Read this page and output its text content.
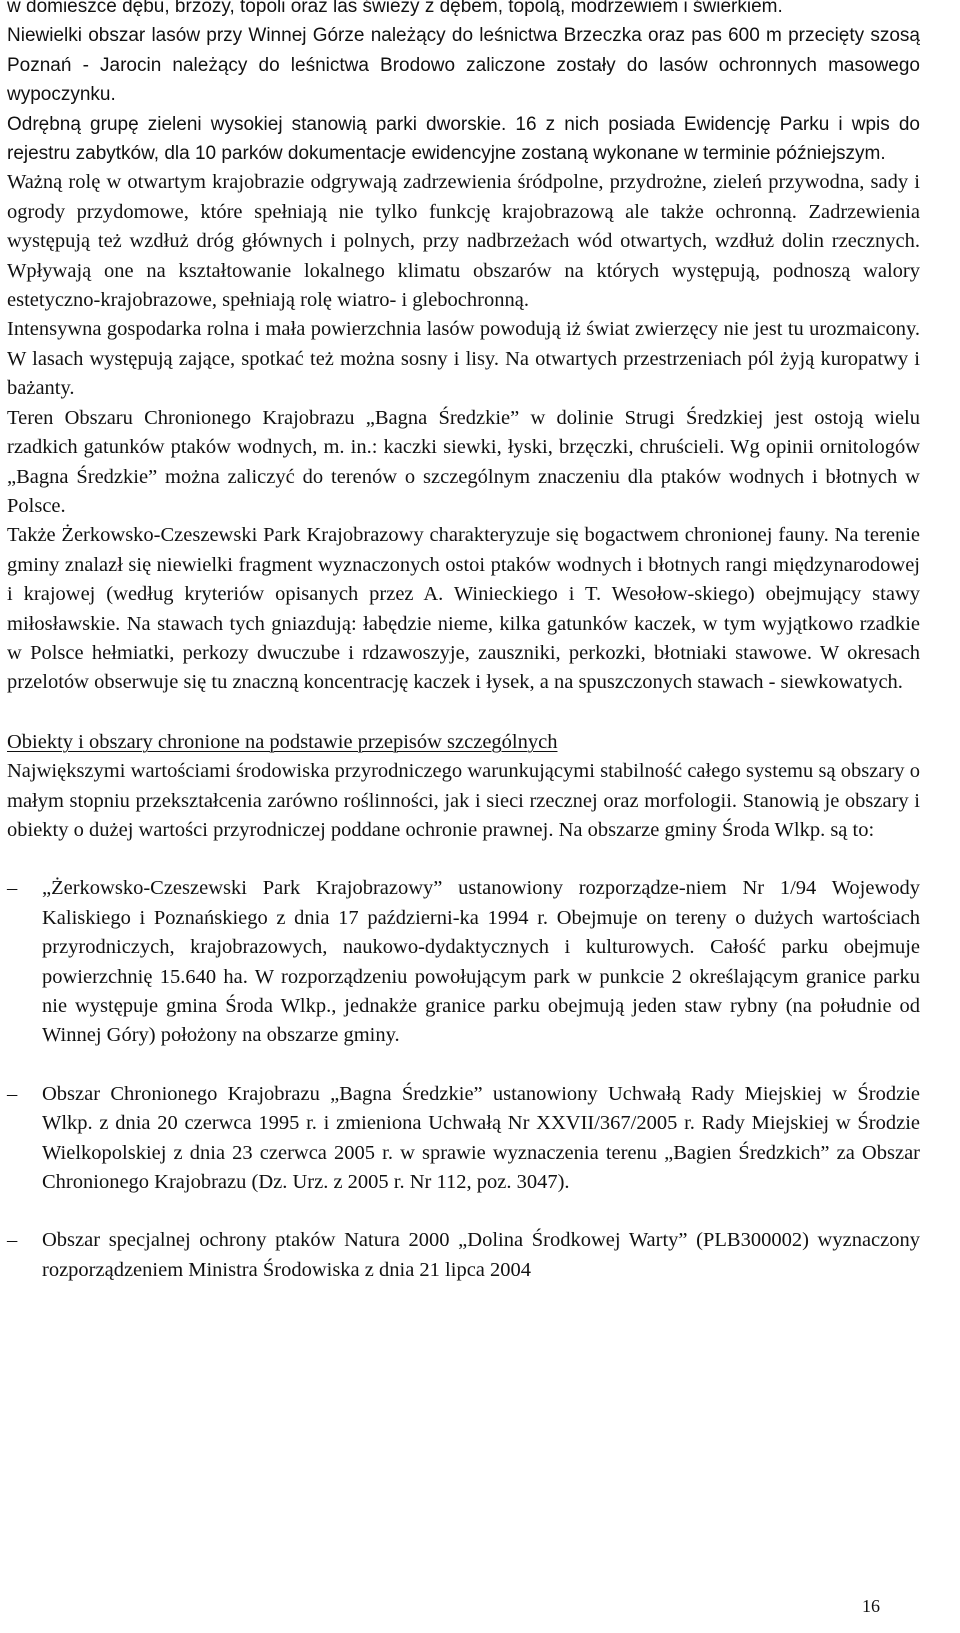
w domieszce dębu, brzozy, topoli oraz las świeży z dębem, topolą, modrzewiem i świerkiem.

Niewielki obszar lasów przy Winnej Górze należący do leśnictwa Brzeczka oraz pas 600 m przecięty szosą Poznań - Jarocin należący do leśnictwa Brodowo zaliczone zostały do lasów ochronnych masowego wypoczynku.

Odrębną grupę zieleni wysokiej stanowią parki dworskie. 16 z nich posiada Ewidencję Parku i wpis do rejestru zabytków, dla 10 parków dokumentacje ewidencyjne zostaną wykonane w terminie późniejszym.

Ważną rolę w otwartym krajobrazie odgrywają zadrzewienia śródpolne, przydrożne, zieleń przywodna, sady i ogrody przydomowe, które spełniają nie tylko funkcję krajobrazową ale także ochronną. Zadrzewienia występują też wzdłuż dróg głównych i polnych, przy nadbrzeżach wód otwartych, wzdłuż dolin rzecznych. Wpływają one na kształtowanie lokalnego klimatu obszarów na których występują, podnoszą walory estetyczno-krajobrazowe, spełniają rolę wiatro- i glebochronną.

Intensywna gospodarka rolna i mała powierzchnia lasów powodują iż świat zwierzęcy nie jest tu urozmaicony. W lasach występują zające, spotkać też można sosny i lisy. Na otwartych przestrzeniach pól żyją kuropatwy i bażanty.

Teren Obszaru Chronionego Krajobrazu „Bagna Średzkie” w dolinie Strugi Średzkiej jest ostoją wielu rzadkich gatunków ptaków wodnych, m. in.: kaczki siewki, łyski, brzęczki, chruścieli. Wg opinii ornitologów „Bagna Średzkie” można zaliczyć do terenów o szczególnym znaczeniu dla ptaków wodnych i błotnych w Polsce.

Także Żerkowsko-Czeszewski Park Krajobrazowy charakteryzuje się bogactwem chronionej fauny. Na terenie gminy znalazł się niewielki fragment wyznaczonych ostoi ptaków wodnych i błotnych rangi międzynarodowej i krajowej (według kryteriów opisanych przez A. Winieckiego i T. Wesołow-skiego) obejmujący stawy miłosławskie. Na stawach tych gniazdują: łabędzie nieme, kilka gatunków kaczek, w tym wyjątkowo rzadkie w Polsce hełmiatki, perkozy dwuczube i rdzawoszyje, zauszniki, perkozki, błotniaki stawowe. W okresach przelotów obserwuje się tu znaczną koncentrację kaczek i łysek, a na spuszczonych stawach - siewkowatych.

Obiekty i obszary chronione na podstawie przepisów szczególnych

Największymi wartościami środowiska przyrodniczego warunkującymi stabilność całego systemu są obszary o małym stopniu przekształcenia zarówno roślinności, jak i sieci rzecznej oraz morfologii. Stanowią je obszary i obiekty o dużej wartości przyrodniczej poddane ochronie prawnej. Na obszarze gminy Środa Wlkp. są to:

– „Żerkowsko-Czeszewski Park Krajobrazowy” ustanowiony rozporządze-niem Nr 1/94 Wojewody Kaliskiego i Poznańskiego z dnia 17 październi-ka 1994 r. Obejmuje on tereny o dużych wartościach przyrodniczych, krajobrazowych, naukowo-dydaktycznych i kulturowych. Całość parku obejmuje powierzchnię 15.640 ha. W rozporządzeniu powołującym park w punkcie 2 określającym granice parku nie występuje gmina Środa Wlkp., jednakże granice parku obejmują jeden staw rybny (na południe od Winnej Góry) położony na obszarze gminy.
– Obszar Chronionego Krajobrazu „Bagna Średzkie” ustanowiony Uchwałą Rady Miejskiej w Środzie Wlkp. z dnia 20 czerwca 1995 r. i zmieniona Uchwałą Nr XXVII/367/2005 r. Rady Miejskiej w Środzie Wielkopolskiej z dnia 23 czerwca 2005 r. w sprawie wyznaczenia terenu „Bagien Średzkich” za Obszar Chronionego Krajobrazu (Dz. Urz. z 2005 r. Nr 112, poz. 3047).
– Obszar specjalnej ochrony ptaków Natura 2000 „Dolina Środkowej Warty” (PLB300002) wyznaczony rozporządzeniem Ministra Środowiska z dnia 21 lipca 2004
16
